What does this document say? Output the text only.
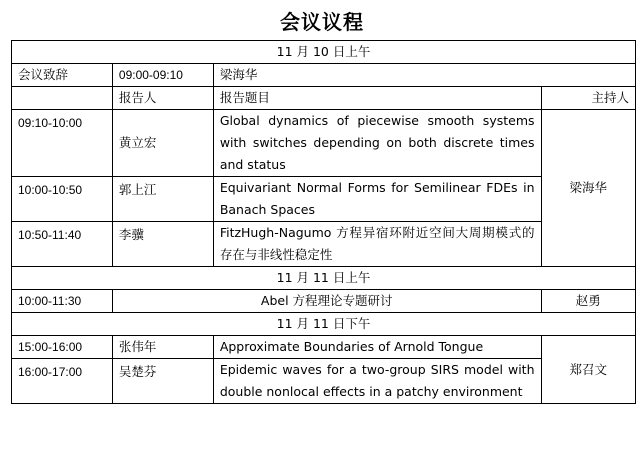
会议议程
11 月 10 日上午			
会议致辞	09:00-09:10	梁海华	
	报告人	报告题目	主持人
09:10-10:00	黄立宏	Global dynamics of piecewise smooth systems with switches depending on both discrete times and status	梁海华
10:00-10:50	郭上江	Equivariant Normal Forms for Semilinear FDEs in Banach Spaces	
10:50-11:40	李骥	FitzHugh-Nagumo 方程异宿环附近空间大周期模式的存在与非线性稳定性	
11 月 11 日上午			
10:00-11:30	Abel 方程理论专题研讨		赵勇
11 月 11 日下午			
15:00-16:00	张伟年	Approximate Boundaries of Arnold Tongue	郑召文
16:00-17:00	吴楚芬	Epidemic waves for a two-group SIRS model with double nonlocal effects in a patchy environment	
